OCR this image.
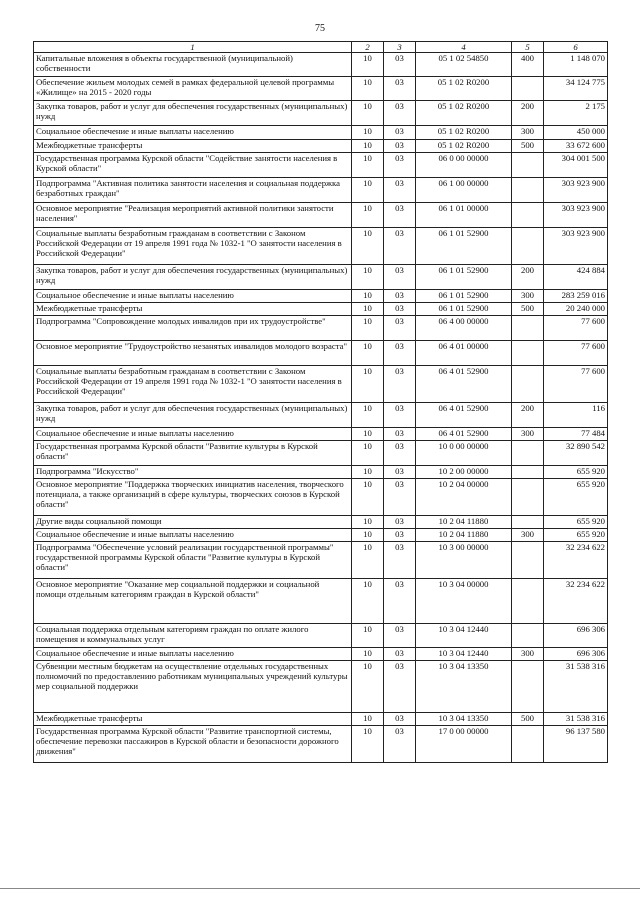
75
1	2	3	4	5	6
Капитальные вложения в объекты государственной (муниципальной) собственности	10	03	05 1 02 54850	400	1 148 070
Обеспечение жильем молодых семей в рамках федеральной целевой программы «Жилище» на 2015 - 2020 годы	10	03	05 1 02 R0200		34 124 775
Закупка товаров, работ и услуг для обеспечения государственных (муниципальных) нужд	10	03	05 1 02 R0200	200	2 175
Социальное обеспечение и иные выплаты населению	10	03	05 1 02 R0200	300	450 000
Межбюджетные трансферты	10	03	05 1 02 R0200	500	33 672 600
Государственная программа Курской области "Содействие занятости населения в Курской области"	10	03	06 0 00 00000		304 001 500
Подпрограмма "Активная политика занятости населения и социальная поддержка безработных граждан"	10	03	06 1 00 00000		303 923 900
Основное мероприятие "Реализация мероприятий активной политики занятости населения"	10	03	06 1 01 00000		303 923 900
Социальные выплаты безработным гражданам в соответствии с Законом Российской Федерации от 19 апреля 1991 года № 1032-1 "О занятости населения в Российской Федерации"	10	03	06 1 01 52900		303 923 900
Закупка товаров, работ и услуг для обеспечения государственных (муниципальных) нужд	10	03	06 1 01 52900	200	424 884
Социальное обеспечение и иные выплаты населению	10	03	06 1 01 52900	300	283 259 016
Межбюджетные трансферты	10	03	06 1 01 52900	500	20 240 000
Подпрограмма "Сопровождение молодых инвалидов при их трудоустройстве"	10	03	06 4 00 00000		77 600
Основное мероприятие "Трудоустройство незанятых инвалидов молодого возраста"	10	03	06 4 01 00000		77 600
Социальные выплаты безработным гражданам в соответствии с Законом Российской Федерации от 19 апреля 1991 года № 1032-1 "О занятости населения в Российской Федерации"	10	03	06 4 01 52900		77 600
Закупка товаров, работ и услуг для обеспечения государственных (муниципальных) нужд	10	03	06 4 01 52900	200	116
Социальное обеспечение и иные выплаты населению	10	03	06 4 01 52900	300	77 484
Государственная программа Курской области "Развитие культуры в Курской области"	10	03	10 0 00 00000		32 890 542
Подпрограмма "Искусство"	10	03	10 2 00 00000		655 920
Основное мероприятие "Поддержка творческих инициатив населения, творческого потенциала, а также организаций в сфере культуры, творческих союзов в Курской области"	10	03	10 2 04 00000		655 920
Другие виды социальной помощи	10	03	10 2 04 11880		655 920
Социальное обеспечение и иные выплаты населению	10	03	10 2 04 11880	300	655 920
Подпрограмма "Обеспечение условий реализации государственной программы" государственной программы Курской области "Развитие культуры в Курской области"	10	03	10 3 00 00000		32 234 622
Основное мероприятие "Оказание мер социальной поддержки и социальной помощи отдельным категориям граждан в Курской области"	10	03	10 3 04 00000		32 234 622
Социальная поддержка отдельным категориям граждан по оплате жилого помещения и коммунальных услуг	10	03	10 3 04 12440		696 306
Социальное обеспечение и иные выплаты населению	10	03	10 3 04 12440	300	696 306
Субвенции местным бюджетам на осуществление отдельных государственных полномочий по предоставлению работникам муниципальных учреждений культуры мер социальной поддержки	10	03	10 3 04 13350		31 538 316
Межбюджетные трансферты	10	03	10 3 04 13350	500	31 538 316
Государственная программа Курской области "Развитие транспортной системы, обеспечение перевозки пассажиров в Курской области и безопасности дорожного движения"	10	03	17 0 00 00000		96 137 580
